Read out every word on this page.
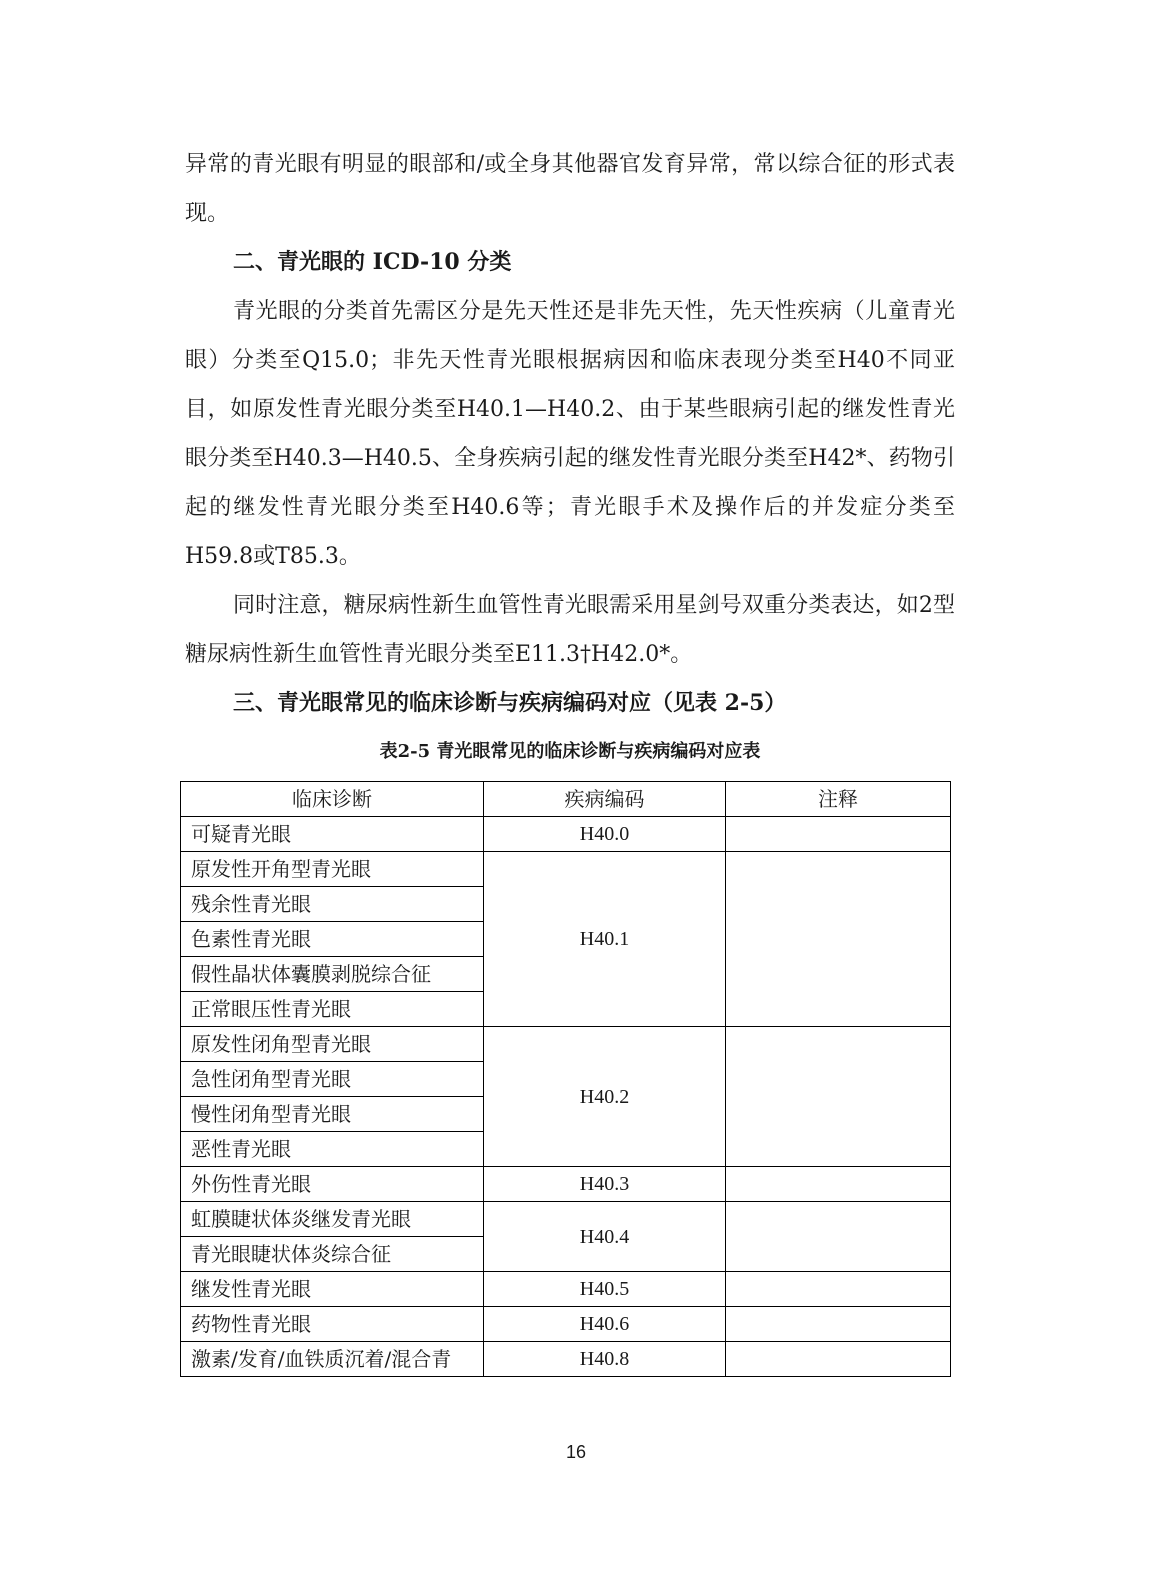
异常的青光眼有明显的眼部和/或全身其他器官发育异常，常以综合征的形式表现。

二、青光眼的 ICD-10 分类

青光眼的分类首先需区分是先天性还是非先天性，先天性疾病（儿童青光眼）分类至Q15.0；非先天性青光眼根据病因和临床表现分类至H40不同亚目，如原发性青光眼分类至H40.1—H40.2、由于某些眼病引起的继发性青光眼分类至H40.3—H40.5、全身疾病引起的继发性青光眼分类至H42*、药物引起的继发性青光眼分类至H40.6等；青光眼手术及操作后的并发症分类至H59.8或T85.3。

同时注意，糖尿病性新生血管性青光眼需采用星剑号双重分类表达，如2型糖尿病性新生血管性青光眼分类至E11.3†H42.0*。

三、青光眼常见的临床诊断与疾病编码对应（见表 2-5）
表2-5 青光眼常见的临床诊断与疾病编码对应表
临床诊断	疾病编码	注释
可疑青光眼	H40.0	
原发性开角型青光眼	H40.1	
残余性青光眼		
色素性青光眼		
假性晶状体囊膜剥脱综合征		
正常眼压性青光眼		
原发性闭角型青光眼	H40.2	
急性闭角型青光眼		
慢性闭角型青光眼		
恶性青光眼		
外伤性青光眼	H40.3	
虹膜睫状体炎继发青光眼	H40.4	
青光眼睫状体炎综合征		
继发性青光眼	H40.5	
药物性青光眼	H40.6	
激素/发育/血铁质沉着/混合青	H40.8	
16
